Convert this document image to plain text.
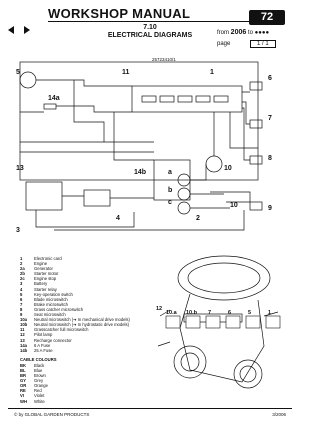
WORKSHOP MANUAL
7.10
ELECTRICAL DIAGRAMS
72
from 2006 to ●●●●
page	1 / 1
25723410/1
5	11	1
6
7
8
9
10
10
14a
14b
13
3
4	2
a
b
c
1	Electronic card
2	Engine
2a	Generator
2b	Starter motor
2c	Engine stop
3	Battery
4	Starter relay
5	Key-operation switch
6	Blade microswitch
7	Brake microswitch
8	Grass catcher microswitch
9	Seat microswitch
10a	Neutral microswitch (➔ In mechanical drive models)
10b	Neutral microswitch (➔ In hydrostatic drive models)
11	Grasscatcher full microswitch
12	Pilot lamp
13	Recharge connector
14a	6 A Fuse
14b	25 A Fuse
CABLE COLOURS
BK	Black
BL	Blue
BR	Brown
GY	Grey
OR	Orange
RE	Red
VI	Violet
WH	White
12
10.a 10.b 7	6	5	1
© by GLOBAL GARDEN PRODUCTS	3/2006
